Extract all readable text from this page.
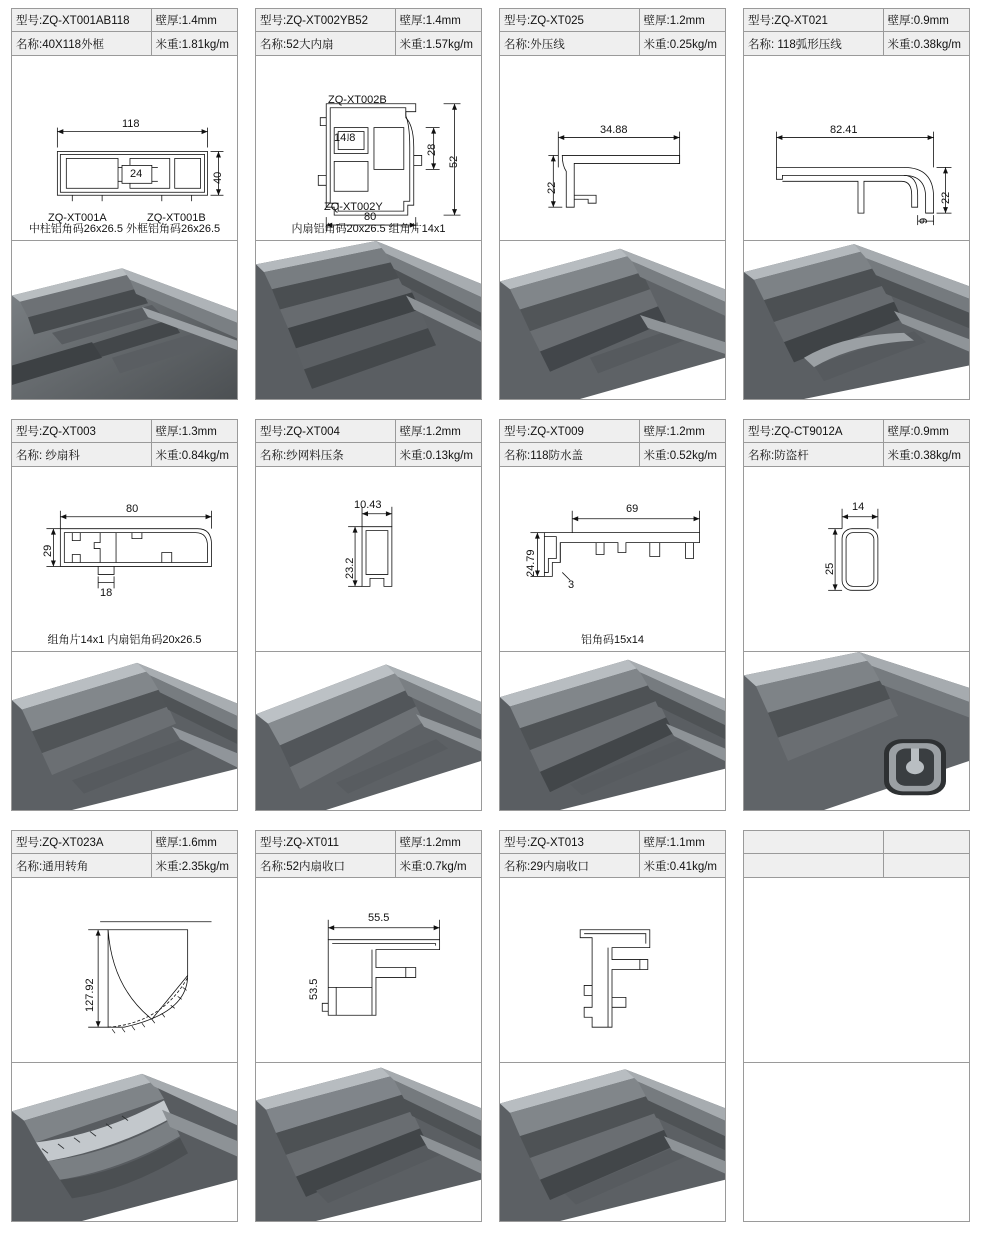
型号:ZQ-XT001AB118	壁厚:1.4mm
名称:40X118外框	米重:1.81kg/m
118
24	40
ZQ-XT001A	ZQ-XT001B
中柱铝角码26x26.5 外框铝角码26x26.5
型号:ZQ-XT002YB52	壁厚:1.4mm
名称:52大内扇	米重:1.57kg/m
14.8
28
52
80
ZQ-XT002B
ZQ-XT002Y
内扇铝角码20x26.5 组角片14x1
型号:ZQ-XT025	壁厚:1.2mm
名称:外压线	米重:0.25kg/m
34.88
22
型号:ZQ-XT021	壁厚:0.9mm
名称: 118弧形压线	米重:0.38kg/m
82.41
22
9
型号:ZQ-XT003	壁厚:1.3mm
名称: 纱扇科	米重:0.84kg/m
80
29
18
组角片14x1 内扇铝角码20x26.5
型号:ZQ-XT004	壁厚:1.2mm
名称:纱网料压条	米重:0.13kg/m
10.43
23.2
型号:ZQ-XT009	壁厚:1.2mm
名称:118防水盖	米重:0.52kg/m
69
24.79
3
铝角码15x14
型号:ZQ-CT9012A	壁厚:0.9mm
名称:防盗杆	米重:0.38kg/m
14
25
型号:ZQ-XT023A	壁厚:1.6mm
名称:通用转角	米重:2.35kg/m
127.92
型号:ZQ-XT011	壁厚:1.2mm
名称:52内扇收口	米重:0.7kg/m
55.5
53.5
型号:ZQ-XT013	壁厚:1.1mm
名称:29内扇收口	米重:0.41kg/m
